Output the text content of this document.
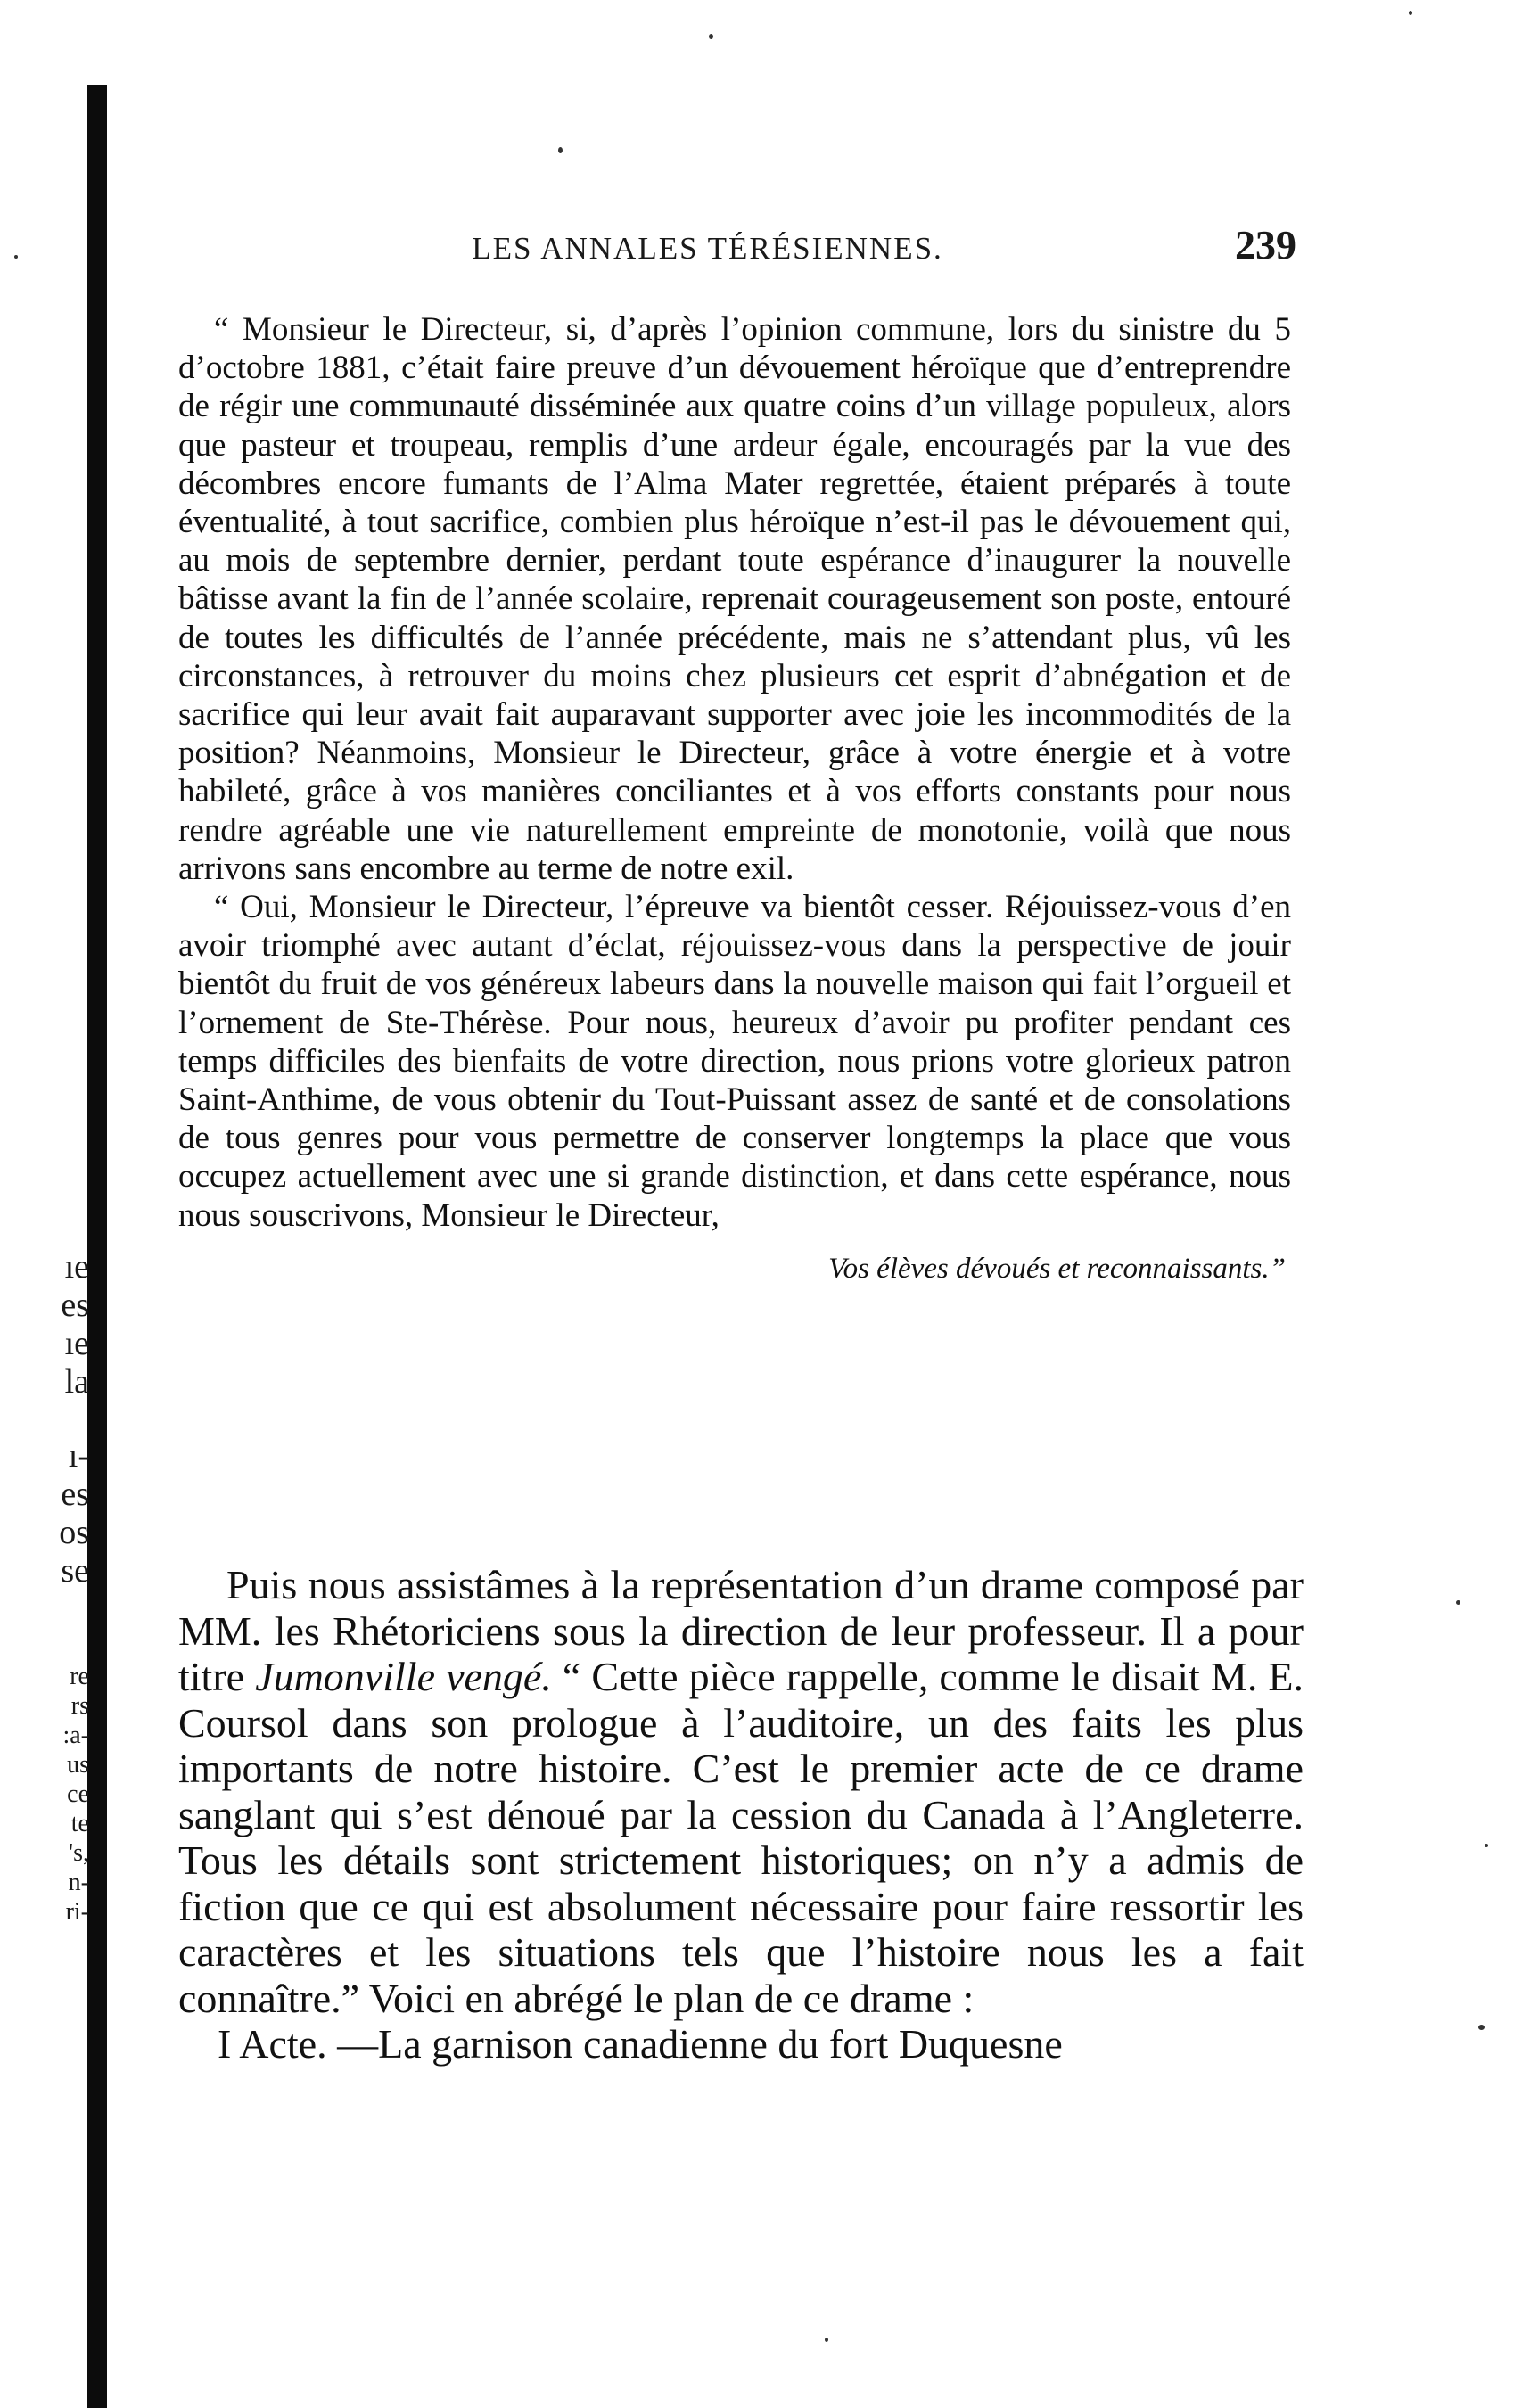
ıe
es
ıe
la
ı-
es
os
se
re
rs
:a-
us
ce
te
's,
n-
ri-
LES ANNALES TÉRÉSIENNES.	239

“ Monsieur le Directeur, si, d’après l’opinion commune, lors du sinistre du 5 d’octobre 1881, c’était faire preuve d’un dévouement héroïque que d’entreprendre de régir une communauté disséminée aux quatre coins d’un village populeux, alors que pasteur et troupeau, remplis d’une ardeur égale, encouragés par la vue des décombres encore fumants de l’Alma Mater regrettée, étaient préparés à toute éventualité, à tout sacrifice, combien plus héroïque n’est-il pas le dévouement qui, au mois de septembre dernier, perdant toute espérance d’inaugurer la nouvelle bâtisse avant la fin de l’année scolaire, reprenait courageusement son poste, entouré de toutes les difficultés de l’année précédente, mais ne s’attendant plus, vû les circonstances, à retrouver du moins chez plusieurs cet esprit d’abnégation et de sacrifice qui leur avait fait auparavant supporter avec joie les incommodités de la position? Néanmoins, Monsieur le Directeur, grâce à votre énergie et à votre habileté, grâce à vos manières conciliantes et à vos efforts constants pour nous rendre agréable une vie naturellement empreinte de monotonie, voilà que nous arrivons sans encombre au terme de notre exil.

“ Oui, Monsieur le Directeur, l’épreuve va bientôt cesser. Réjouissez-vous d’en avoir triomphé avec autant d’éclat, réjouissez-vous dans la perspective de jouir bientôt du fruit de vos généreux labeurs dans la nouvelle maison qui fait l’orgueil et l’ornement de Ste-Thérèse. Pour nous, heureux d’avoir pu profiter pendant ces temps difficiles des bienfaits de votre direction, nous prions votre glorieux patron Saint-Anthime, de vous obtenir du Tout-Puissant assez de santé et de consolations de tous genres pour vous permettre de conserver longtemps la place que vous occupez actuellement avec une si grande distinction, et dans cette espérance, nous nous souscrivons, Monsieur le Directeur,

Vos élèves dévoués et reconnaissants.”

Puis nous assistâmes à la représentation d’un drame composé par MM. les Rhétoriciens sous la direction de leur professeur. Il a pour titre Jumonville vengé. “ Cette pièce rappelle, comme le disait M. E. Coursol dans son prologue à l’auditoire, un des faits les plus importants de notre histoire. C’est le premier acte de ce drame sanglant qui s’est dénoué par la cession du Canada à l’Angleterre. Tous les détails sont strictement historiques; on n’y a admis de fiction que ce qui est absolument nécessaire pour faire ressortir les caractères et les situations tels que l’histoire nous les a fait connaître.” Voici en abrégé le plan de ce drame :

I Acte. —La garnison canadienne du fort Duquesne
